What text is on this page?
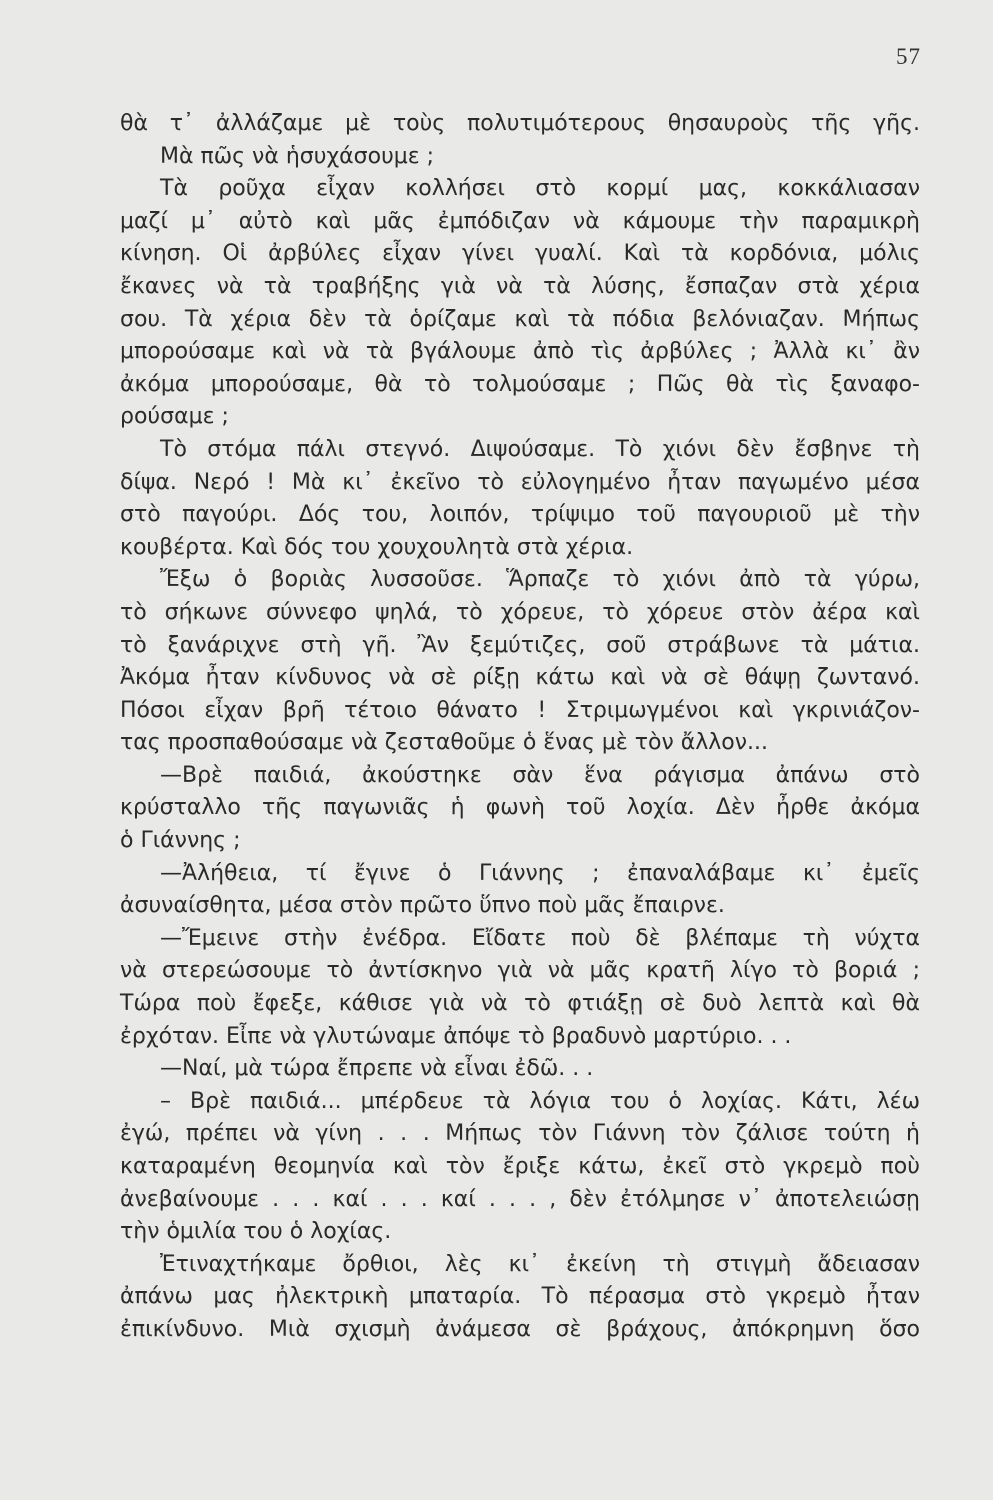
57
θὰ τ᾽ ἀλλάζαμε μὲ τοὺς πολυτιμότερους θησαυροὺς τῆς γῆς.
Μὰ πῶς νὰ ἡσυχάσουμε ;
Τὰ ροῦχα εἶχαν κολλήσει στὸ κορμί μας, κοκκάλιασαν
μαζί μ᾽ αὐτὸ καὶ μᾶς ἐμπόδιζαν νὰ κάμουμε τὴν παραμικρὴ
κίνηση. Οἱ ἀρβύλες εἶχαν γίνει γυαλί. Καὶ τὰ κορδόνια, μόλις
ἔκανες νὰ τὰ τραβήξης γιὰ νὰ τὰ λύσης, ἔσπαζαν στὰ χέρια
σου. Τὰ χέρια δὲν τὰ ὁρίζαμε καὶ τὰ πόδια βελόνιαζαν. Μήπως
μπορούσαμε καὶ νὰ τὰ βγάλουμε ἀπὸ τὶς ἀρβύλες ; Ἀλλὰ κι᾽ ἂν
ἀκόμα μπορούσαμε, θὰ τὸ τολμούσαμε ; Πῶς θὰ τὶς ξαναφο-
ρούσαμε ;
Τὸ στόμα πάλι στεγνό. Διψούσαμε. Τὸ χιόνι δὲν ἔσβηνε τὴ
δίψα. Νερό ! Μὰ κι᾽ ἐκεῖνο τὸ εὐλογημένο ἦταν παγωμένο μέσα
στὸ παγούρι. Δός του, λοιπόν, τρίψιμο τοῦ παγουριοῦ μὲ τὴν
κουβέρτα. Καὶ δός του χουχουλητὰ στὰ χέρια.
Ἔξω ὁ βοριὰς λυσσοῦσε. Ἅρπαζε τὸ χιόνι ἀπὸ τὰ γύρω,
τὸ σήκωνε σύννεφο ψηλά, τὸ χόρευε, τὸ χόρευε στὸν ἀέρα καὶ
τὸ ξανάριχνε στὴ γῆ. Ἂν ξεμύτιζες, σοῦ στράβωνε τὰ μάτια.
Ἀκόμα ἦταν κίνδυνος νὰ σὲ ρίξῃ κάτω καὶ νὰ σὲ θάψῃ ζωντανό.
Πόσοι εἶχαν βρῆ τέτοιο θάνατο ! Στριμωγμένοι καὶ γκρινιάζον-
τας προσπαθούσαμε νὰ ζεσταθοῦμε ὁ ἕνας μὲ τὸν ἄλλον...
—Βρὲ παιδιά, ἀκούστηκε σὰν ἕνα ράγισμα ἀπάνω στὸ
κρύσταλλο τῆς παγωνιᾶς ἡ φωνὴ τοῦ λοχία. Δὲν ἦρθε ἀκόμα
ὁ Γιάννης ;
—Ἀλήθεια, τί ἔγινε ὁ Γιάννης ; ἐπαναλάβαμε κι᾽ ἐμεῖς
ἀσυναίσθητα, μέσα στὸν πρῶτο ὕπνο ποὺ μᾶς ἔπαιρνε.
—Ἔμεινε στὴν ἐνέδρα. Εἴδατε ποὺ δὲ βλέπαμε τὴ νύχτα
νὰ στερεώσουμε τὸ ἀντίσκηνο γιὰ νὰ μᾶς κρατῆ λίγο τὸ βοριά ;
Τώρα ποὺ ἔφεξε, κάθισε γιὰ νὰ τὸ φτιάξῃ σὲ δυὸ λεπτὰ καὶ θὰ
ἐρχόταν. Εἶπε νὰ γλυτώναμε ἀπόψε τὸ βραδυνὸ μαρτύριο. . .
—Ναί, μὰ τώρα ἔπρεπε νὰ εἶναι ἐδῶ. . .
– Βρὲ παιδιά... μπέρδευε τὰ λόγια του ὁ λοχίας. Κάτι, λέω
ἐγώ, πρέπει νὰ γίνη . . . Μήπως τὸν Γιάννη τὸν ζάλισε τούτη ἡ
καταραμένη θεομηνία καὶ τὸν ἔριξε κάτω, ἐκεῖ στὸ γκρεμὸ ποὺ
ἀνεβαίνουμε . . . καί . . . καί . . . , δὲν ἐτόλμησε ν᾽ ἀποτελειώσῃ
τὴν ὁμιλία του ὁ λοχίας.
Ἐτιναχτήκαμε ὄρθιοι, λὲς κι᾽ ἐκείνη τὴ στιγμὴ ἄδειασαν
ἀπάνω μας ἠλεκτρικὴ μπαταρία. Τὸ πέρασμα στὸ γκρεμὸ ἦταν
ἐπικίνδυνο. Μιὰ σχισμὴ ἀνάμεσα σὲ βράχους, ἀπόκρημνη ὅσο
